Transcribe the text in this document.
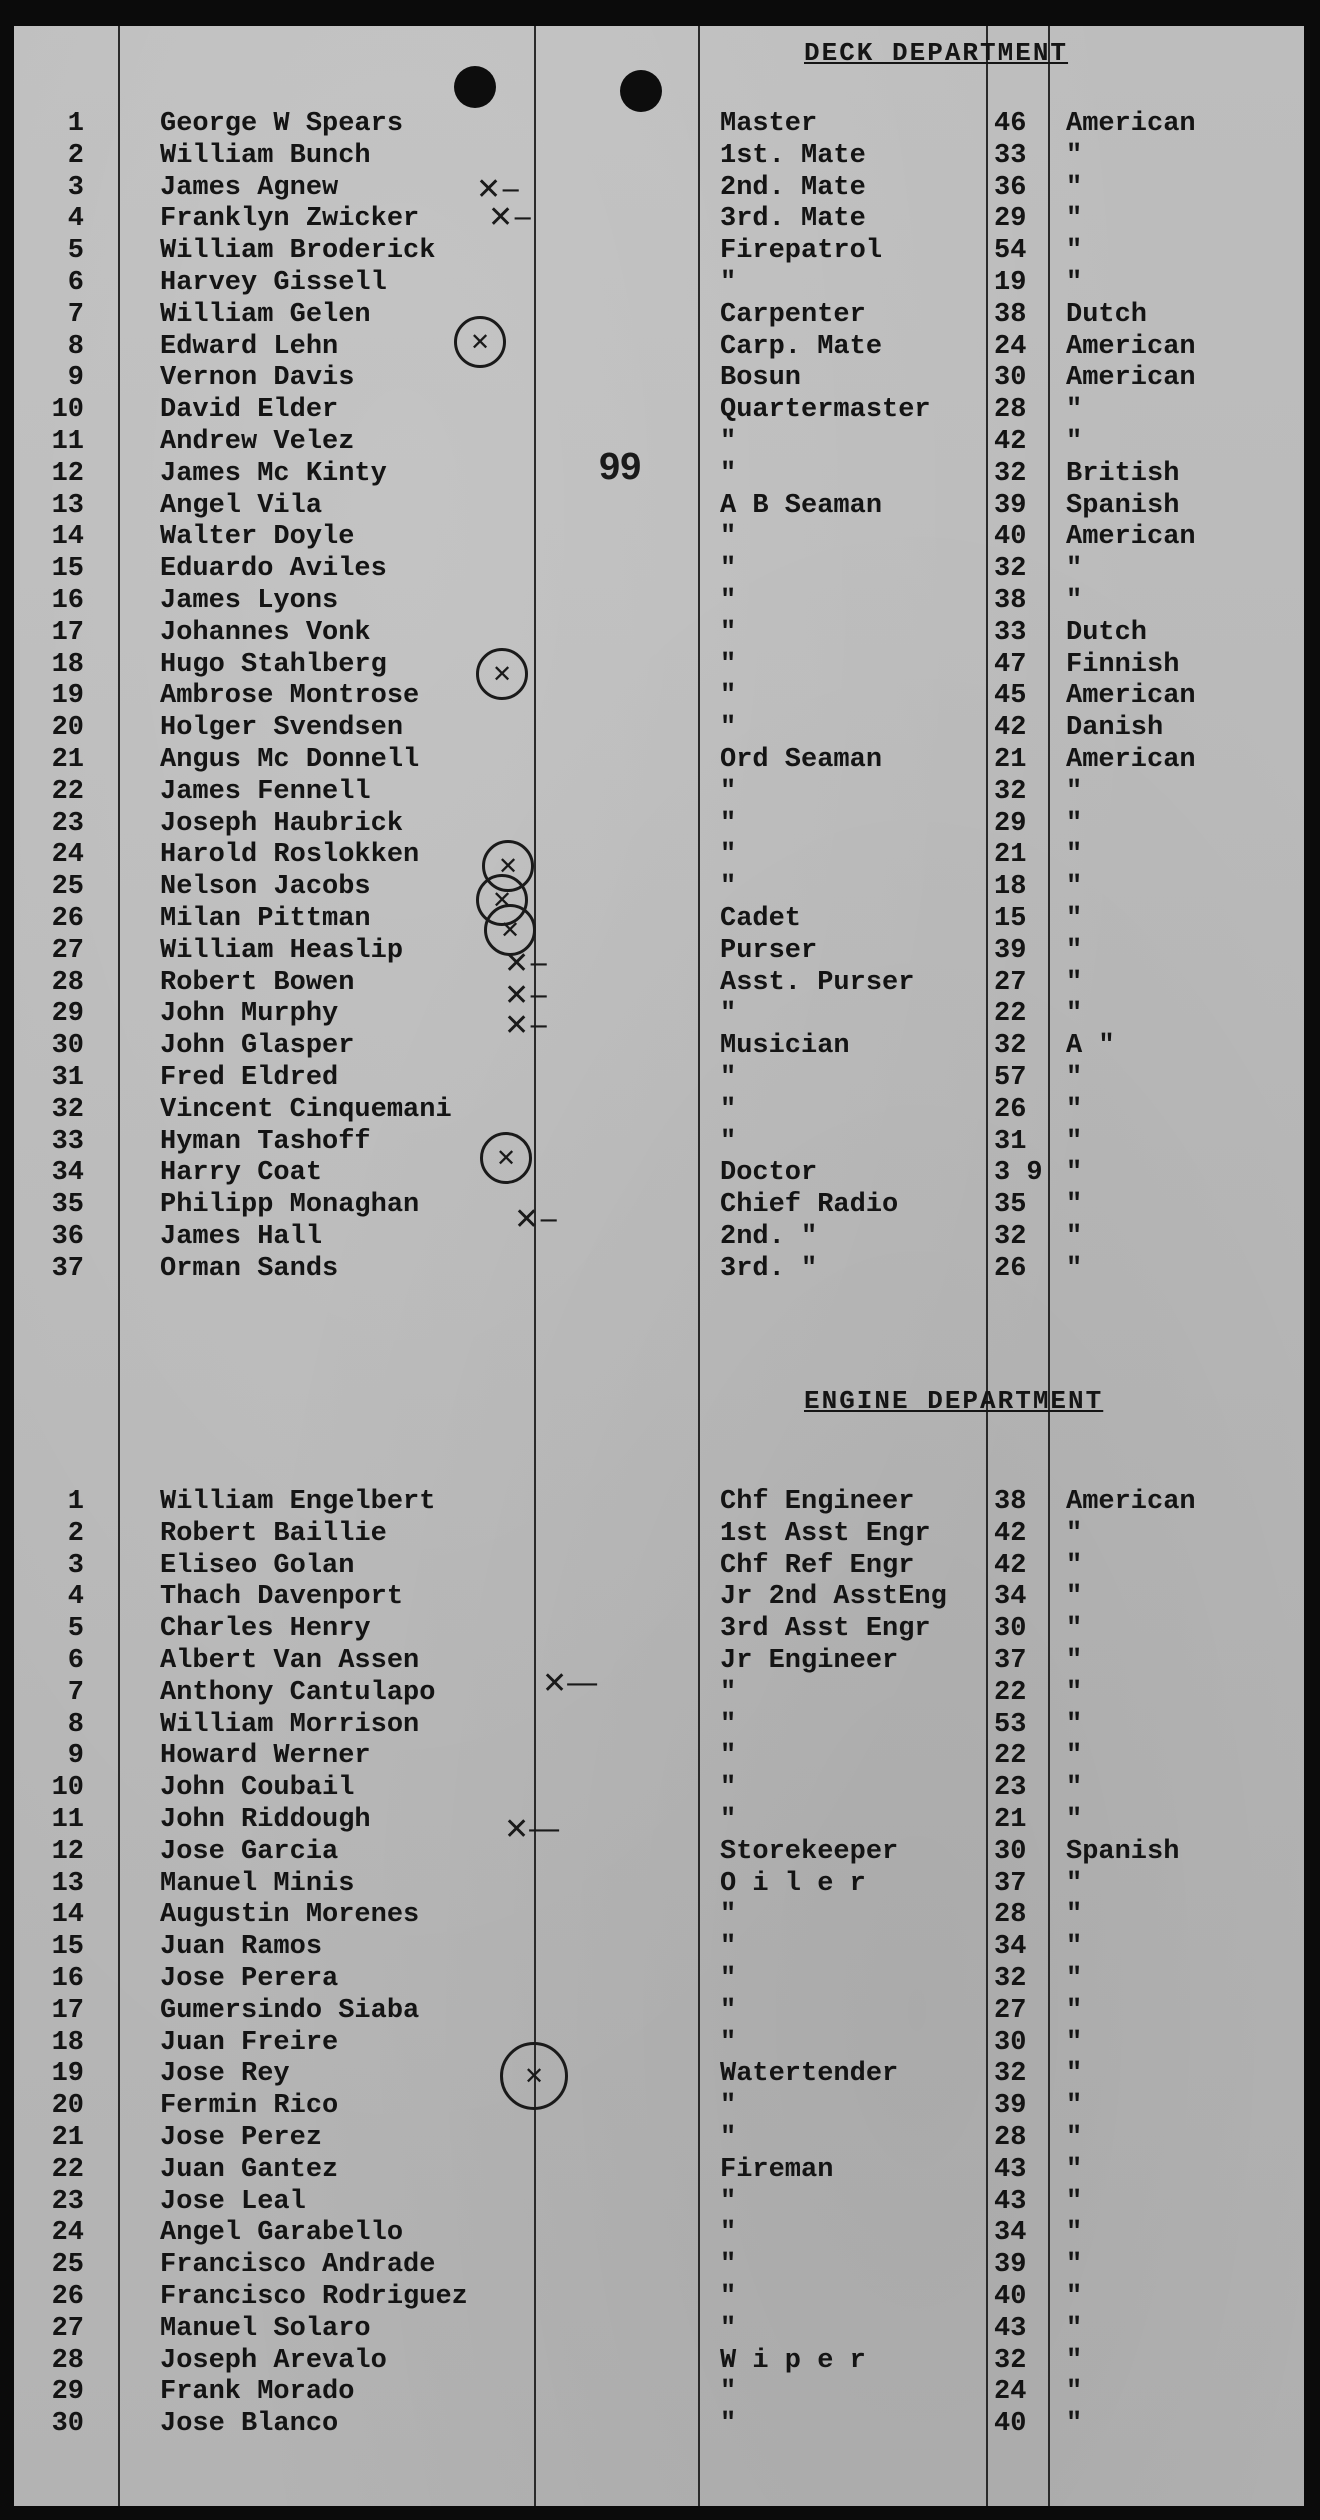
99
DECK DEPARTMENT
1	George W Spears	Master	46	American
2	William Bunch	1st. Mate	33	"
3	James Agnew	2nd. Mate	36	"
4	Franklyn Zwicker	3rd. Mate	29	"
5	William Broderick	Firepatrol	54	"
6	Harvey Gissell	"	19	"
7	William Gelen	Carpenter	38	Dutch
8	Edward Lehn	Carp. Mate	24	American
9	Vernon Davis	Bosun	30	American
10	David Elder	Quartermaster 28	"
11	Andrew Velez	"	42	"
12	James Mc Kinty	"	32	British
13	Angel Vila	A B Seaman	39	Spanish
14	Walter Doyle	"	40	American
15	Eduardo Aviles	"	32	"
16	James Lyons	"	38	"
17	Johannes Vonk	"	33	Dutch
18	Hugo Stahlberg	"	47	Finnish
19	Ambrose Montrose	"	45	American
20	Holger Svendsen	"	42	Danish
21	Angus Mc Donnell	Ord Seaman	21	American
22	James Fennell	"	32	"
23	Joseph Haubrick	"	29	"
24	Harold Roslokken	"	21	"
25	Nelson Jacobs	"	18	"
26	Milan Pittman	Cadet	15	"
27	William Heaslip	Purser	39	"
28	Robert Bowen	Asst. Purser	27	"
29	John Murphy	"	22	"
30	John Glasper	Musician	32	A "
31	Fred Eldred	"	57	"
32	Vincent Cinquemani	"	26	"
33	Hyman Tashoff	"	31	"
34	Harry Coat	Doctor	3 9 "
35	Philipp Monaghan	Chief Radio	35	"
36	James Hall	2nd. "	32	"
37	Orman Sands	3rd. "	26	"
ENGINE DEPARTMENT
1	William Engelbert	Chf Engineer	38	American
2	Robert Baillie	1st Asst Engr 42	"
3	Eliseo Golan	Chf Ref Engr	42	"
4	Thach Davenport	Jr 2nd AsstEng 34	"
5	Charles Henry	3rd Asst Engr 30	"
6	Albert Van Assen	Jr Engineer	37	"
7	Anthony Cantulapo	"	22	"
8	William Morrison	"	53	"
9	Howard Werner	"	22	"
10	John Coubail	"	23	"
11	John Riddough	"	21	"
12	Jose Garcia	Storekeeper	30	Spanish
13	Manuel Minis	O i l e r	37	"
14	Augustin Morenes	"	28	"
15	Juan Ramos	"	34	"
16	Jose Perera	"	32	"
17	Gumersindo Siaba	"	27	"
18	Juan Freire	"	30	"
19	Jose Rey	Watertender	32	"
20	Fermin Rico	"	39	"
21	Jose Perez	"	28	"
22	Juan Gantez	Fireman	43	"
23	Jose Leal	"	43	"
24	Angel Garabello	"	34	"
25	Francisco Andrade	"	39	"
26	Francisco Rodriguez	"	40	"
27	Manuel Solaro	"	43	"
28	Joseph Arevalo	W i p e r	32	"
29	Frank Morado	"	24	"
30	Jose Blanco	"	40	"
✕‒
✕‒
✕
✕
✕
✕
✕
✕‒
✕‒
✕‒
✕
✕‒
✕―
✕―
✕
